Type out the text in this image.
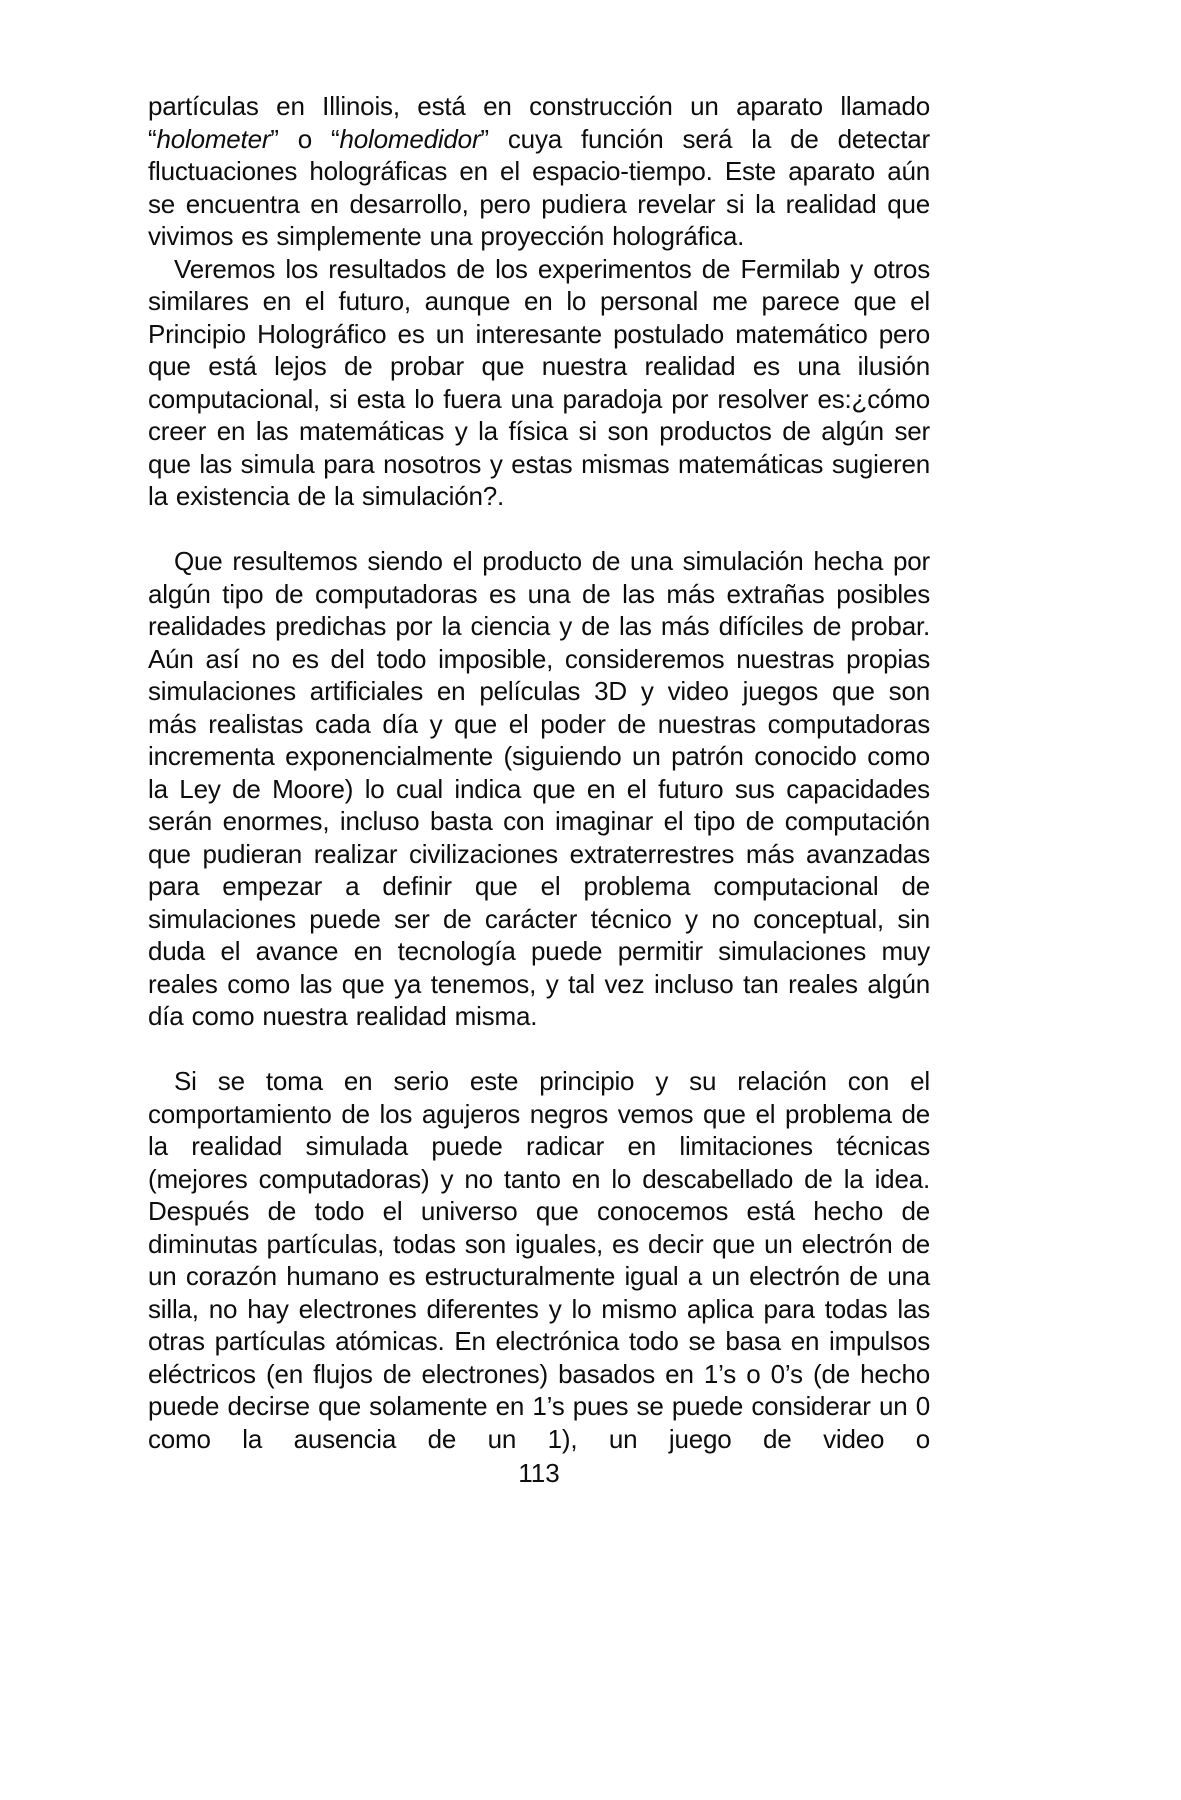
partículas en Illinois, está en construcción un aparato llamado “holometer” o “holomedidor” cuya función será la de detectar fluctuaciones holográficas en el espacio-tiempo. Este aparato aún se encuentra en desarrollo, pero pudiera revelar si la realidad que vivimos es simplemente una proyección holográfica.

Veremos los resultados de los experimentos de Fermilab y otros similares en el futuro, aunque en lo personal me parece que el Principio Holográfico es un interesante postulado matemático pero que está lejos de probar que nuestra realidad es una ilusión computacional, si esta lo fuera una paradoja por resolver es:¿cómo creer en las matemáticas y la física si son productos de algún ser que las simula para nosotros y estas mismas matemáticas sugieren la existencia de la simulación?.

Que resultemos siendo el producto de una simulación hecha por algún tipo de computadoras es una de las más extrañas posibles realidades predichas por la ciencia y de las más difíciles de probar. Aún así no es del todo imposible, consideremos nuestras propias simulaciones artificiales en películas 3D y video juegos que son más realistas cada día y que el poder de nuestras computadoras incrementa exponencialmente (siguiendo un patrón conocido como la Ley de Moore) lo cual indica que en el futuro sus capacidades serán enormes, incluso basta con imaginar el tipo de computación que pudieran realizar civilizaciones extraterrestres más avanzadas para empezar a definir que el problema computacional de simulaciones puede ser de carácter técnico y no conceptual, sin duda el avance en tecnología puede permitir simulaciones muy reales como las que ya tenemos, y tal vez incluso tan reales algún día como nuestra realidad misma.

Si se toma en serio este principio y su relación con el comportamiento de los agujeros negros vemos que el problema de la realidad simulada puede radicar en limitaciones técnicas (mejores computadoras) y no tanto en lo descabellado de la idea. Después de todo el universo que conocemos está hecho de diminutas partículas, todas son iguales, es decir que un electrón de un corazón humano es estructuralmente igual a un electrón de una silla, no hay electrones diferentes y lo mismo aplica para todas las otras partículas atómicas. En electrónica todo se basa en impulsos eléctricos (en flujos de electrones) basados en 1’s o 0’s (de hecho puede decirse que solamente en 1’s pues se puede considerar un 0 como la ausencia de un 1), un juego de video o

113
